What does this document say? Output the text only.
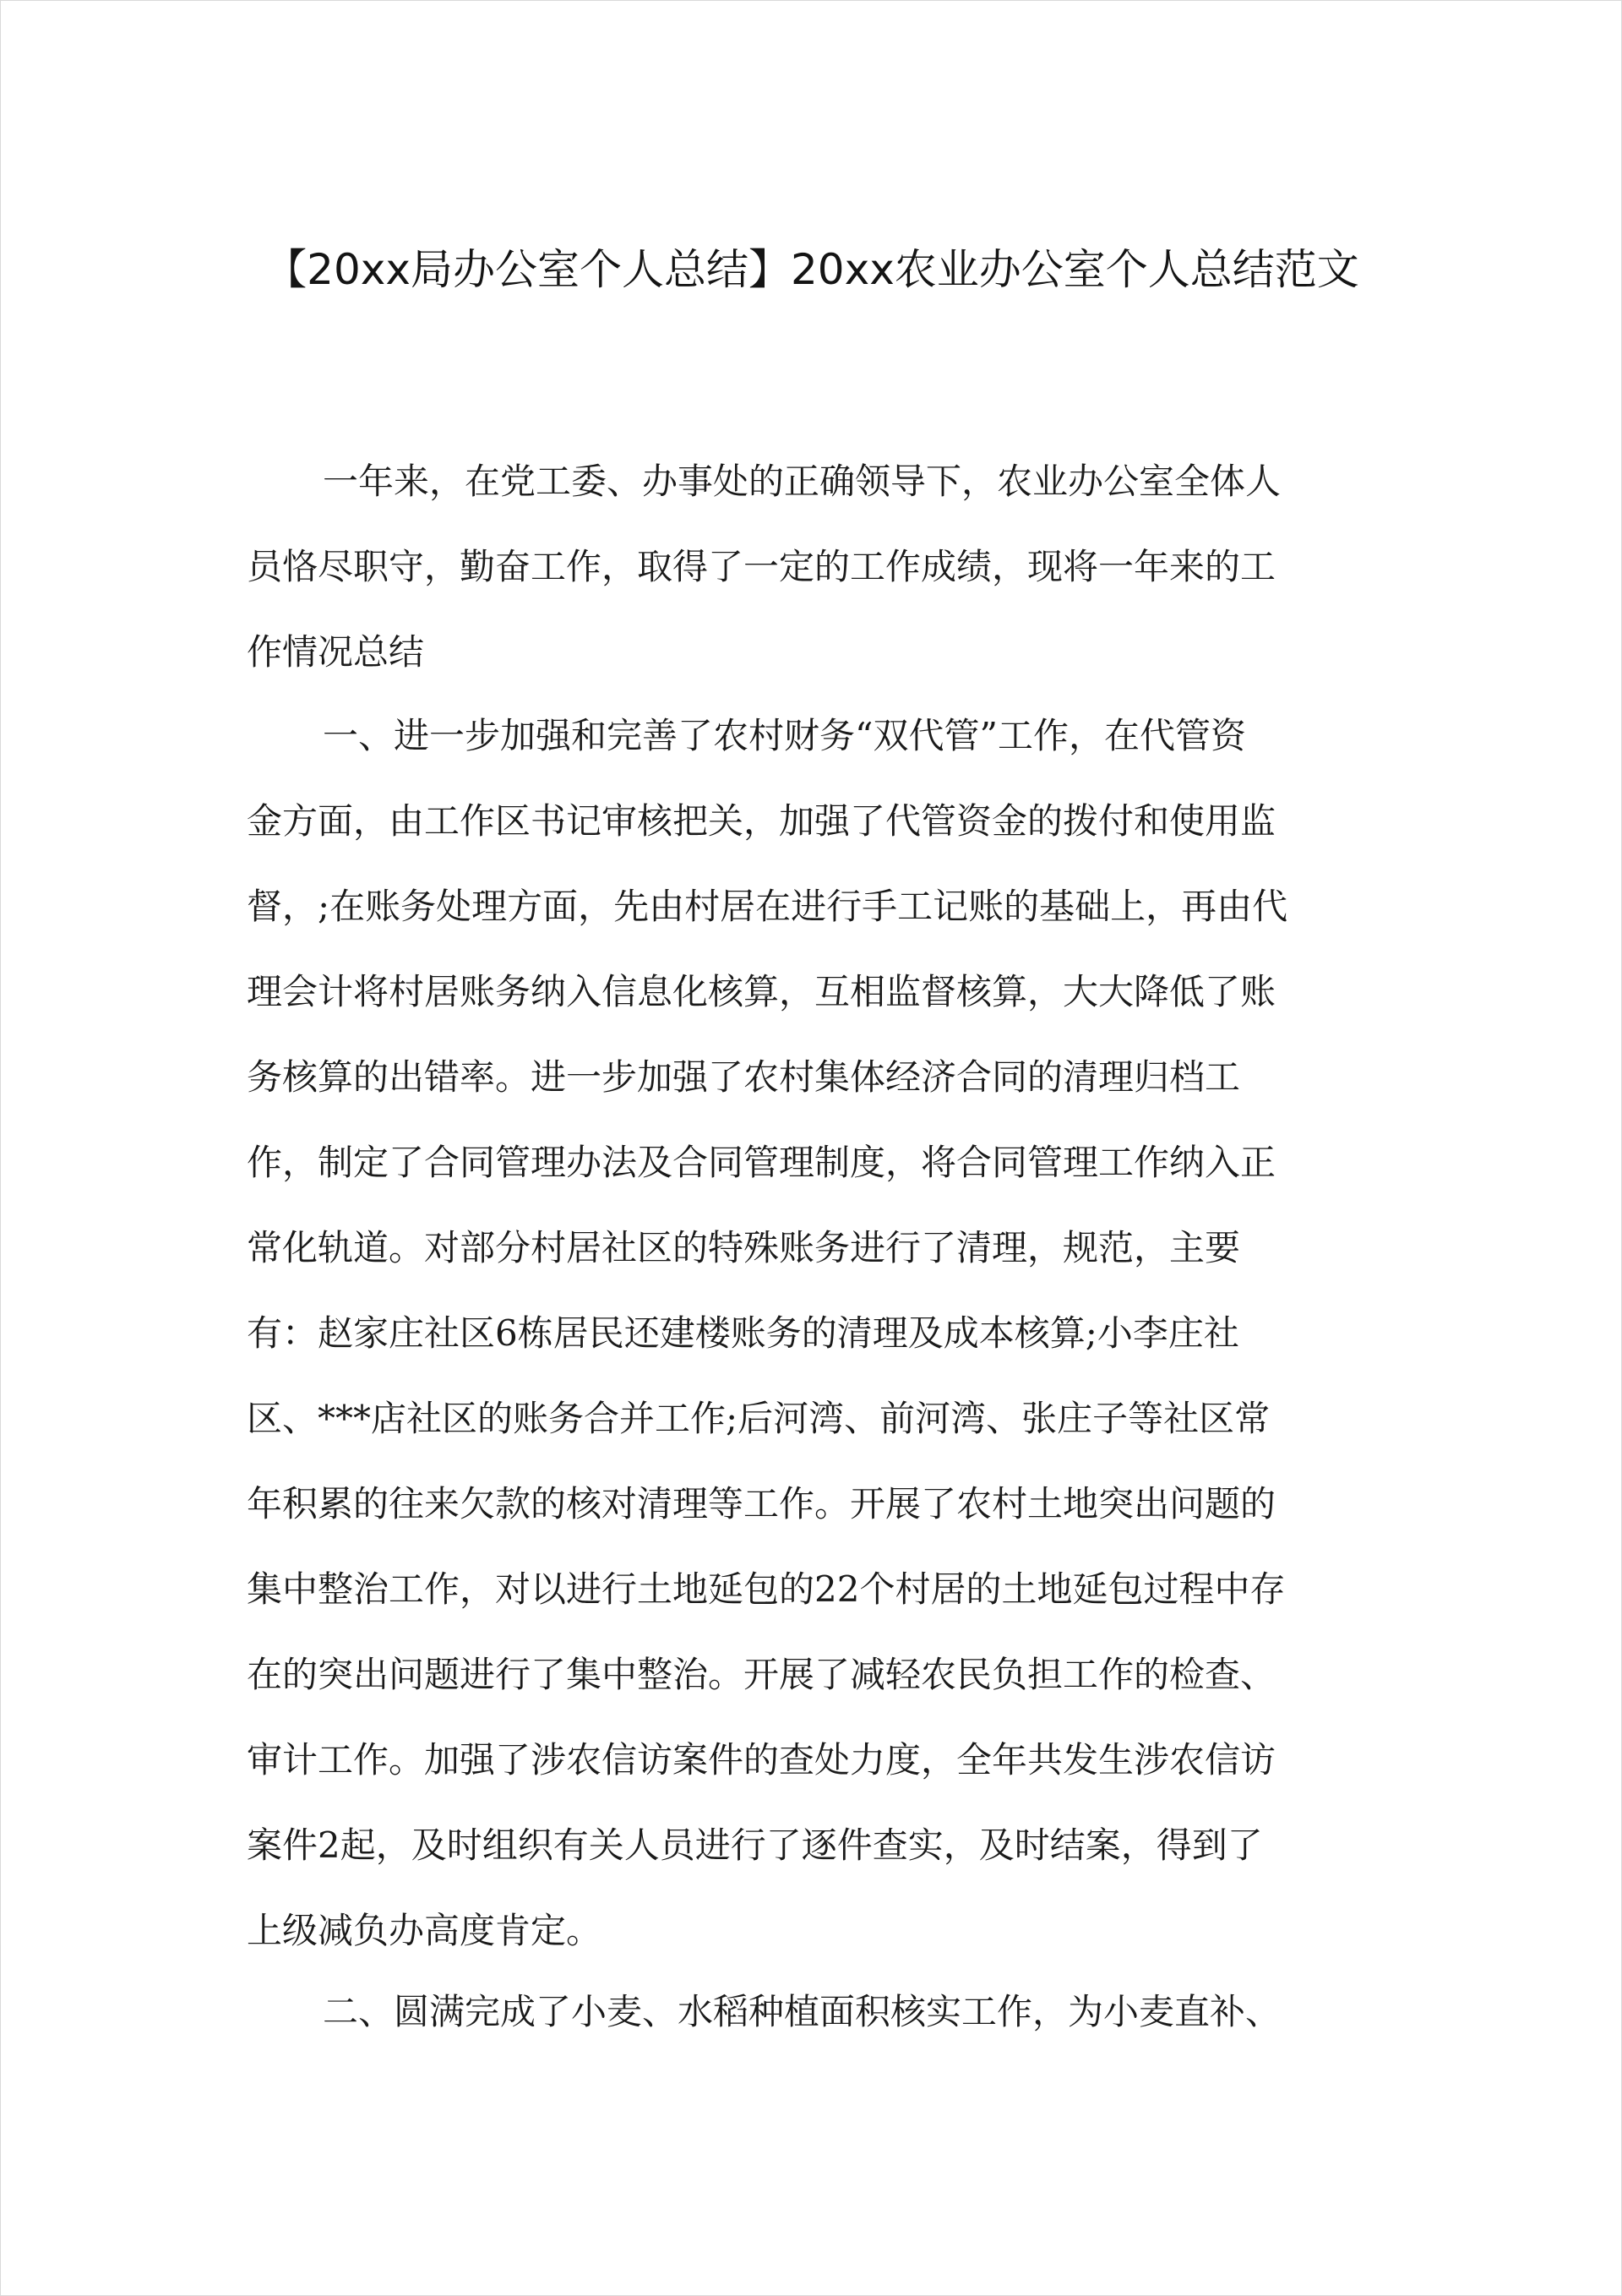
【20xx局办公室个人总结】20xx农业办公室个人总结范文
一年来，在党工委、办事处的正确领导下，农业办公室全体人
员恪尽职守，勤奋工作，取得了一定的工作成绩，现将一年来的工
作情况总结
一、进一步加强和完善了农村财务“双代管”工作，在代管资
金方面，由工作区书记审核把关，加强了代管资金的拨付和使用监
督，;在账务处理方面，先由村居在进行手工记账的基础上，再由代
理会计将村居账务纳入信息化核算，互相监督核算，大大降低了账
务核算的出错率。进一步加强了农村集体经济合同的清理归档工
作，制定了合同管理办法及合同管理制度，将合同管理工作纳入正
常化轨道。对部分村居社区的特殊账务进行了清理，规范，主要
有：赵家庄社区6栋居民还建楼账务的清理及成本核算;小李庄社
区、***店社区的账务合并工作;后河湾、前河湾、张庄子等社区常
年积累的往来欠款的核对清理等工作。开展了农村土地突出问题的
集中整治工作，对以进行土地延包的22个村居的土地延包过程中存
在的突出问题进行了集中整治。开展了减轻农民负担工作的检查、
审计工作。加强了涉农信访案件的查处力度，全年共发生涉农信访
案件2起，及时组织有关人员进行了逐件查实，及时结案，得到了
上级减负办高度肯定。
二、圆满完成了小麦、水稻种植面积核实工作，为小麦直补、
